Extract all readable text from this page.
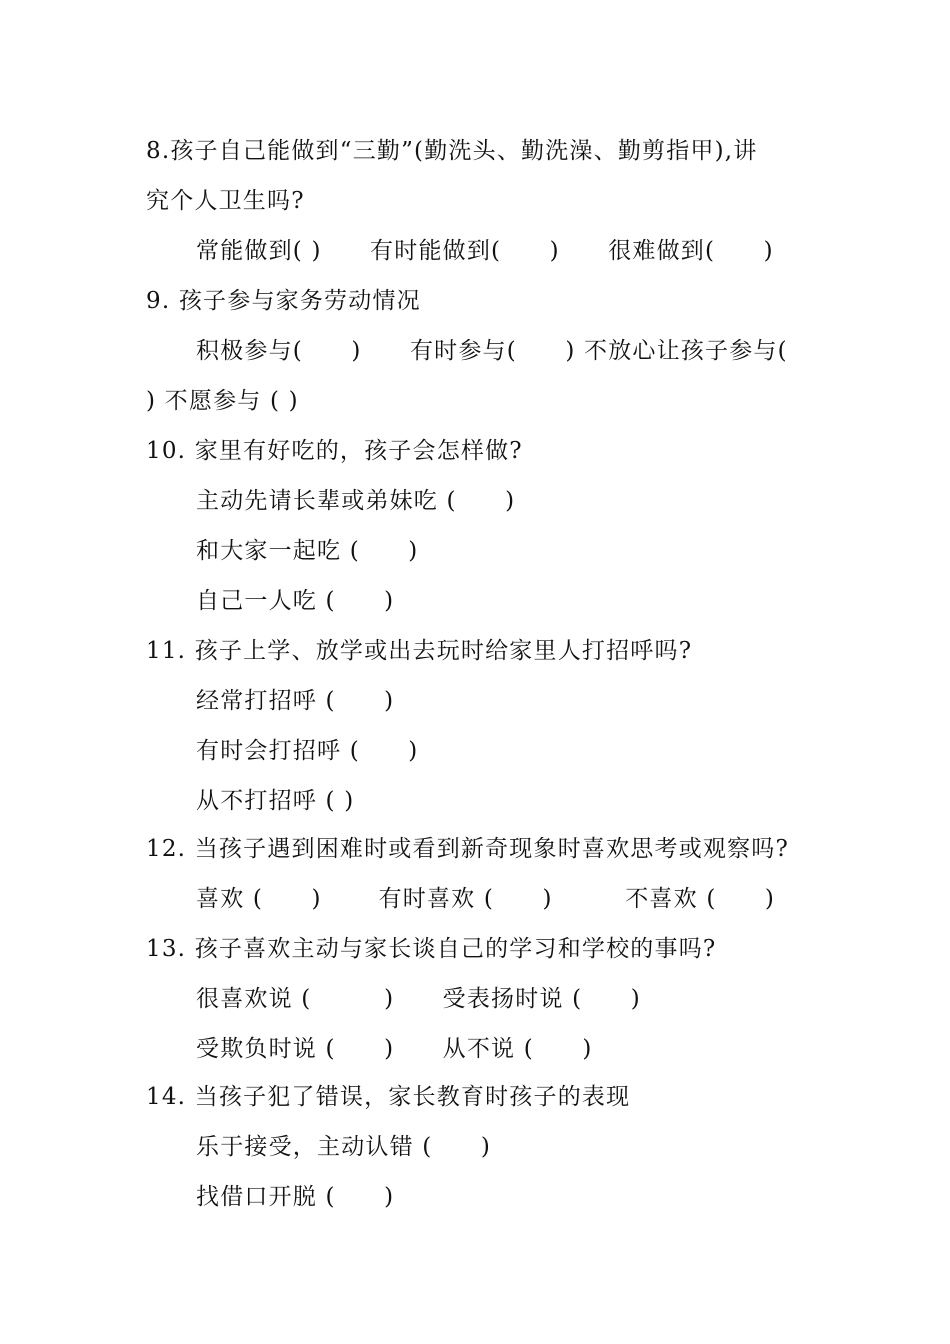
8.孩子自己能做到“三勤”(勤洗头、勤洗澡、勤剪指甲),讲
究个人卫生吗?
常能做到( )　　有时能做到(　　)　　很难做到(　　)
9. 孩子参与家务劳动情况
积极参与(　　)　　有时参与(　　) 不放心让孩子参与(
) 不愿参与 ( )
10. 家里有好吃的，孩子会怎样做?
主动先请长辈或弟妹吃 (　　)
和大家一起吃 (　　)
自己一人吃 (　　)
11. 孩子上学、放学或出去玩时给家里人打招呼吗?
经常打招呼 (　　)
有时会打招呼 (　　)
从不打招呼 ( )
12. 当孩子遇到困难时或看到新奇现象时喜欢思考或观察吗?
喜欢 (　　)　　 有时喜欢 (　　)　　　不喜欢 (　　)
13. 孩子喜欢主动与家长谈自己的学习和学校的事吗?
很喜欢说 (　　　)　　受表扬时说 (　　)
受欺负时说 (　　)　　从不说 (　　)
14. 当孩子犯了错误，家长教育时孩子的表现
乐于接受，主动认错 (　　)
找借口开脱 (　　)
